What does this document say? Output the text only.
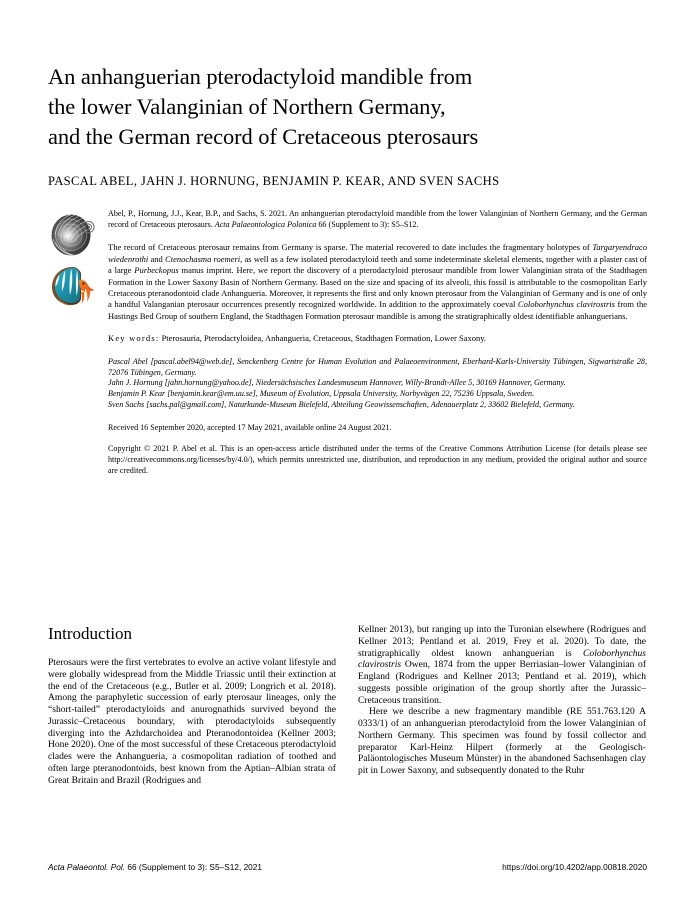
An anhanguerian pterodactyloid mandible from
the lower Valanginian of Northern Germany,
and the German record of Cretaceous pterosaurs
PASCAL ABEL, JAHN J. HORNUNG, BENJAMIN P. KEAR, AND SVEN SACHS

Abel, P., Hornung, J.J., Kear, B.P., and Sachs, S. 2021. An anhanguerian pterodactyloid mandible from the lower Valanginian of Northern Germany, and the German record of Cretaceous pterosaurs. Acta Palaeontologica Polonica 66 (Supplement to 3): S5–S12.

The record of Cretaceous pterosaur remains from Germany is sparse. The material recovered to date includes the fragmentary holotypes of Targaryendraco wiedenrothi and Ctenochasma roemeri, as well as a few isolated pterodactyloid teeth and some indeterminate skeletal elements, together with a plaster cast of a large Purbeckopus manus imprint. Here, we report the discovery of a pterodactyloid pterosaur mandible from lower Valanginian strata of the Stadthagen Formation in the Lower Saxony Basin of Northern Germany. Based on the size and spacing of its alveoli, this fossil is attributable to the cosmopolitan Early Cretaceous pteranodontoid clade Anhangueria. Moreover, it represents the first and only known pterosaur from the Valanginian of Germany and is one of only a handful Valanganian pterosaur occurrences presently recognized worldwide. In addition to the approximately coeval Coloborhynchus clavirostris from the Hastings Bed Group of southern England, the Stadthagen Formation pterosaur mandible is among the stratigraphically oldest identifiable anhanguerians.

Key words: Pterosauria, Pterodactyloidea, Anhangueria, Cretaceous, Stadthagen Formation, Lower Saxony.

Pascal Abel [pascal.abel94@web.de], Senckenberg Centre for Human Evolution and Palaeoenvironment, Eberhard-Karls-University Tübingen, Sigwartstraße 28, 72076 Tübingen, Germany.

Jahn J. Hornung [jahn.hornung@yahoo.de], Niedersächsisches Landesmuseum Hannover, Willy-Brandt-Allee 5, 30169 Hannover, Germany.

Benjamin P. Kear [benjamin.kear@em.uu.se], Museum of Evolution, Uppsala University, Norbyvägen 22, 75236 Uppsala, Sweden.

Sven Sachs [sachs.pal@gmail.com], Naturkunde-Museum Bielefeld, Abteilung Geowissenschaften, Adenauerplatz 2, 33602 Bielefeld, Germany.

Received 16 September 2020, accepted 17 May 2021, available online 24 August 2021.

Copyright © 2021 P. Abel et al. This is an open-access article distributed under the terms of the Creative Commons Attribution License (for details please see http://creativecommons.org/licenses/by/4.0/), which permits unrestricted use, distribution, and reproduction in any medium, provided the original author and source are credited.

Introduction

Pterosaurs were the first vertebrates to evolve an active volant lifestyle and were globally widespread from the Middle Triassic until their extinction at the end of the Cretaceous (e.g., Butler et al. 2009; Longrich et al. 2018). Among the paraphyletic succession of early pterosaur lineages, only the “short-tailed” pterodactyloids and anurognathids survived beyond the Jurassic–Cretaceous boundary, with pterodactyloids subsequently diverging into the Azhdarchoidea and Pteranodontoidea (Kellner 2003; Hone 2020). One of the most successful of these Cretaceous pterodactyloid clades were the Anhangueria, a cosmopolitan radiation of toothed and often large pteranodontoids, best known from the Aptian–Albian strata of Great Britain and Brazil (Rodrigues and

Kellner 2013), but ranging up into the Turonian elsewhere (Rodrigues and Kellner 2013; Pentland et al. 2019, Frey et al. 2020). To date, the stratigraphically oldest known anhanguerian is Coloborhynchus clavirostris Owen, 1874 from the upper Berriasian–lower Valanginian of England (Rodrigues and Kellner 2013; Pentland et al. 2019), which suggests possible origination of the group shortly after the Jurassic–Cretaceous transition.

Here we describe a new fragmentary mandible (RE 551.763.120 A 0333/1) of an anhanguerian pterodactyloid from the lower Valanginian of Northern Germany. This specimen was found by fossil collector and preparator Karl-Heinz Hilpert (formerly at the Geologisch-Paläontologisches Museum Münster) in the abandoned Sachsenhagen clay pit in Lower Saxony, and subsequently donated to the Ruhr

Acta Palaeontol. Pol. 66 (Supplement to 3): S5–S12, 2021	https://doi.org/10.4202/app.00818.2020
